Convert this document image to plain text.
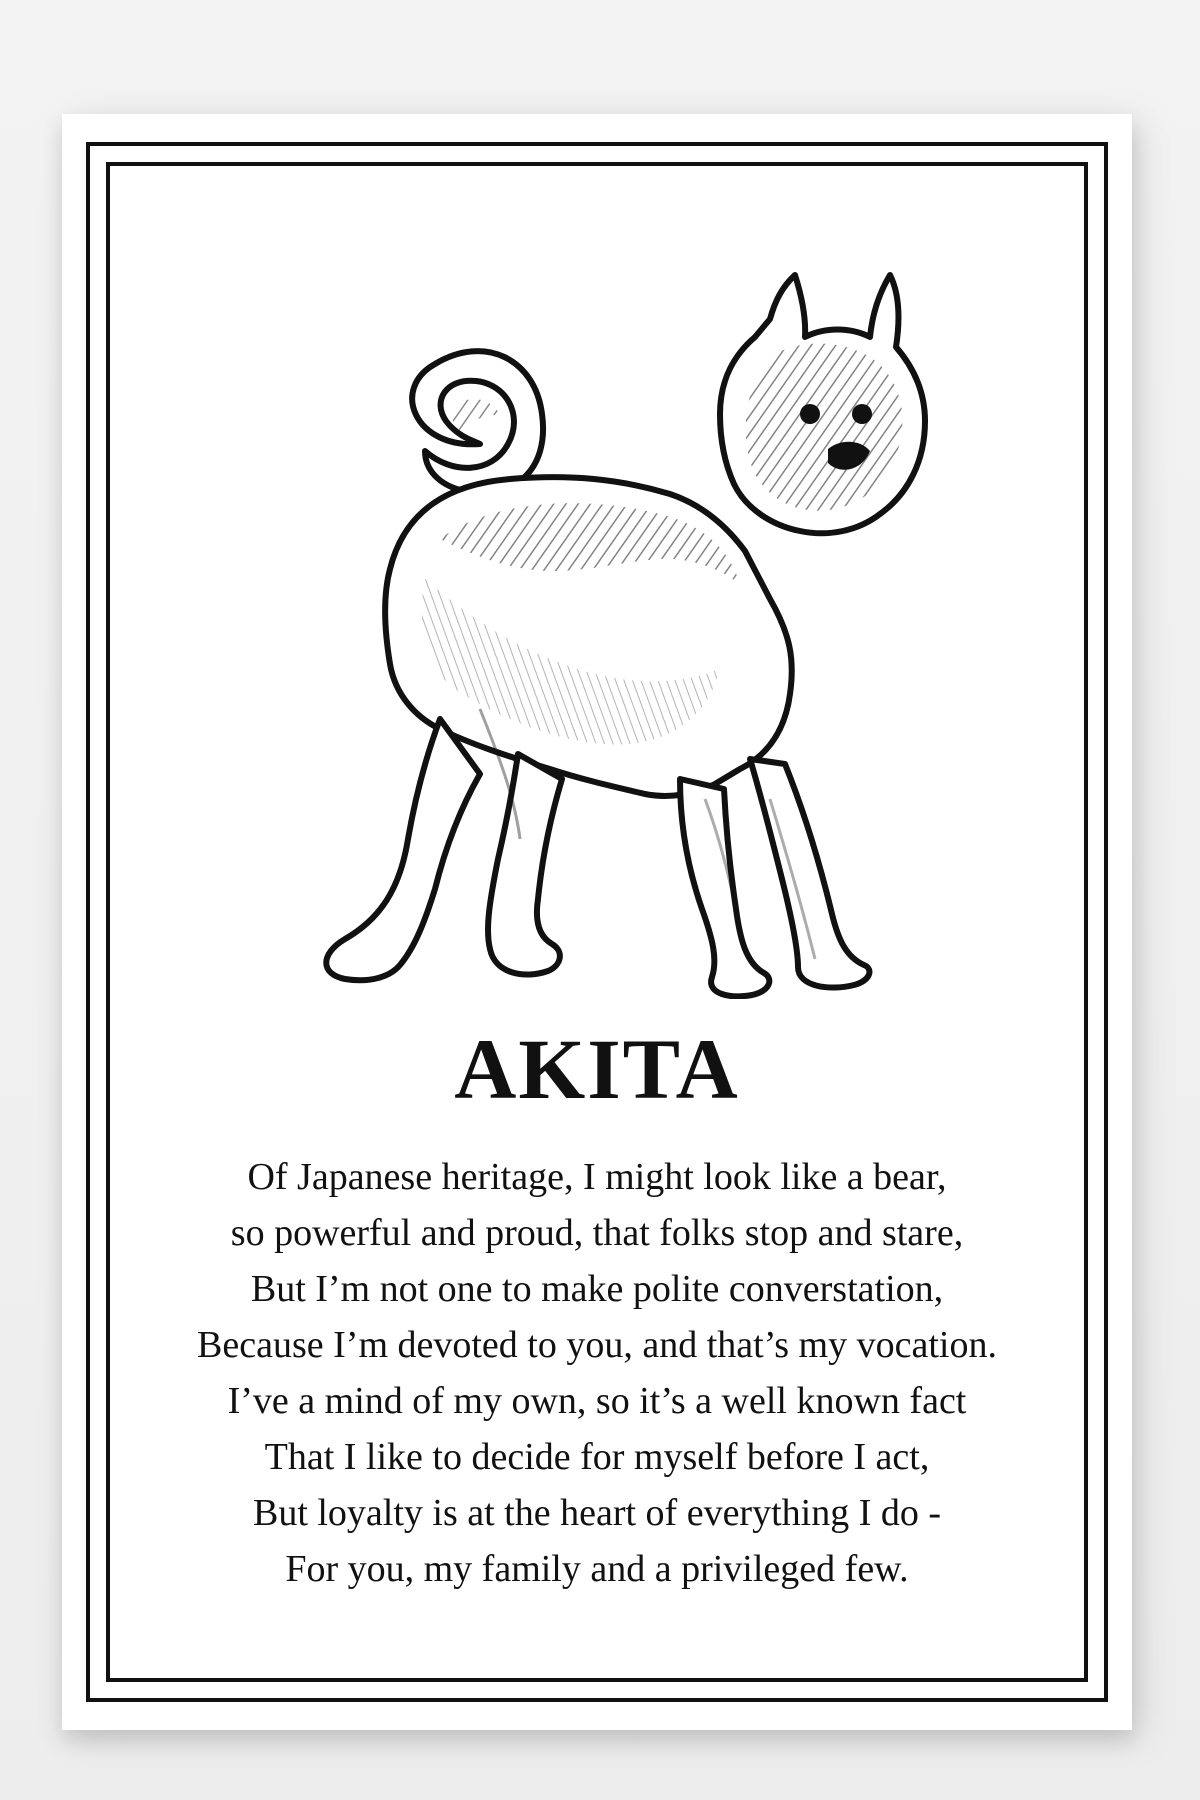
AKITA
Of Japanese heritage, I might look like a bear,
so powerful and proud, that folks stop and stare,
But I’m not one to make polite converstation,
Because I’m devoted to you, and that’s my vocation.
I’ve a mind of my own, so it’s a well known fact
That I like to decide for myself before I act,
But loyalty is at the heart of everything I do -
For you, my family and a privileged few.
